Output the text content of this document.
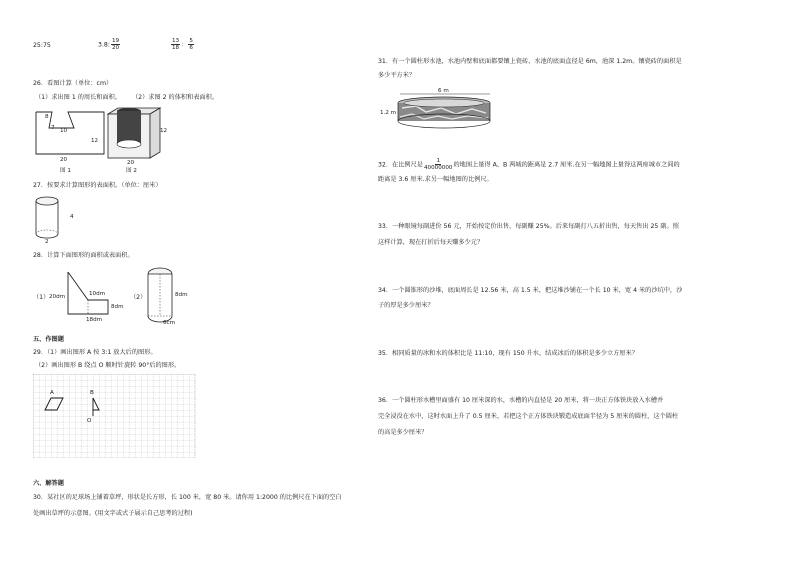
25:75	3.8: $\frac{19}{20}$	$\frac{13}{18}$ ： $\frac{5}{6}$
26．看图计算（单位：cm）
（1）求出图 1 的周长和面积。 （2）求图 2 的体积和表面积。
8
7 10
12
20
图 1
12
20
图 2
27．按要求计算图形的表面积。（单位：厘米）
4
2
28．计算下面图形的面积或表面积。
（1） 20dm	10dm
8dm
18dm
（2）	8dm
6cm
五、作图题
29．（1）画出图形 A 按 3:1 放大后的图形。
（2）画出图形 B 绕点 O 顺时针旋转 90°后的图形。
A	B
O
六、解答题
30．某社区的足球场上铺着草坪，形状是长方形，长 100 米，宽 80 米。请你用 1:2000 的比例尺在下面的空白
处画出草坪的示意图。(用文字或式子展示自己思考的过程)
31．有一个圆柱形水池，水池内壁和底面都要镶上瓷砖，水池的底面直径是 6m，池深 1.2m。镶瓷砖的面积是
多少平方米？
6 m
1.2 m
32．在比例尺是 $\frac{1}{40000000}$ 的地图上量得 A、B 两城的距离是 2.7 厘米.在另一幅地图上量得这两座城市之间的
距离是 3.6 厘米.求另一幅地图的比例尺。
33．一种眼镜每副进价 56 元，开始按定价出售，每副赚 25%。后来每副打八五折出售，每天售出 25 副。照
这样计算，现在打折后每天赚多少元？
34．一个圆锥形的沙堆，底面周长是 12.56 米，高 1.5 米，把这堆沙铺在一个长 10 米，宽 4 米的沙坑中，沙
子的厚是多少厘米？
35．相同质量的冰和水的体积比是 11:10，现有 150 升水，结成冰后的体积是多少立方厘米？
36．一个圆柱形水槽里面盛有 10 厘米深的水，水槽的内直径是 20 厘米，将一块正方体铁块放入水槽并
完全浸没在水中，这时水面上升了 0.5 厘米，若把这个正方体铁块锻造成底面半径为 5 厘米的圆柱，这个圆柱
的高是多少厘米？
